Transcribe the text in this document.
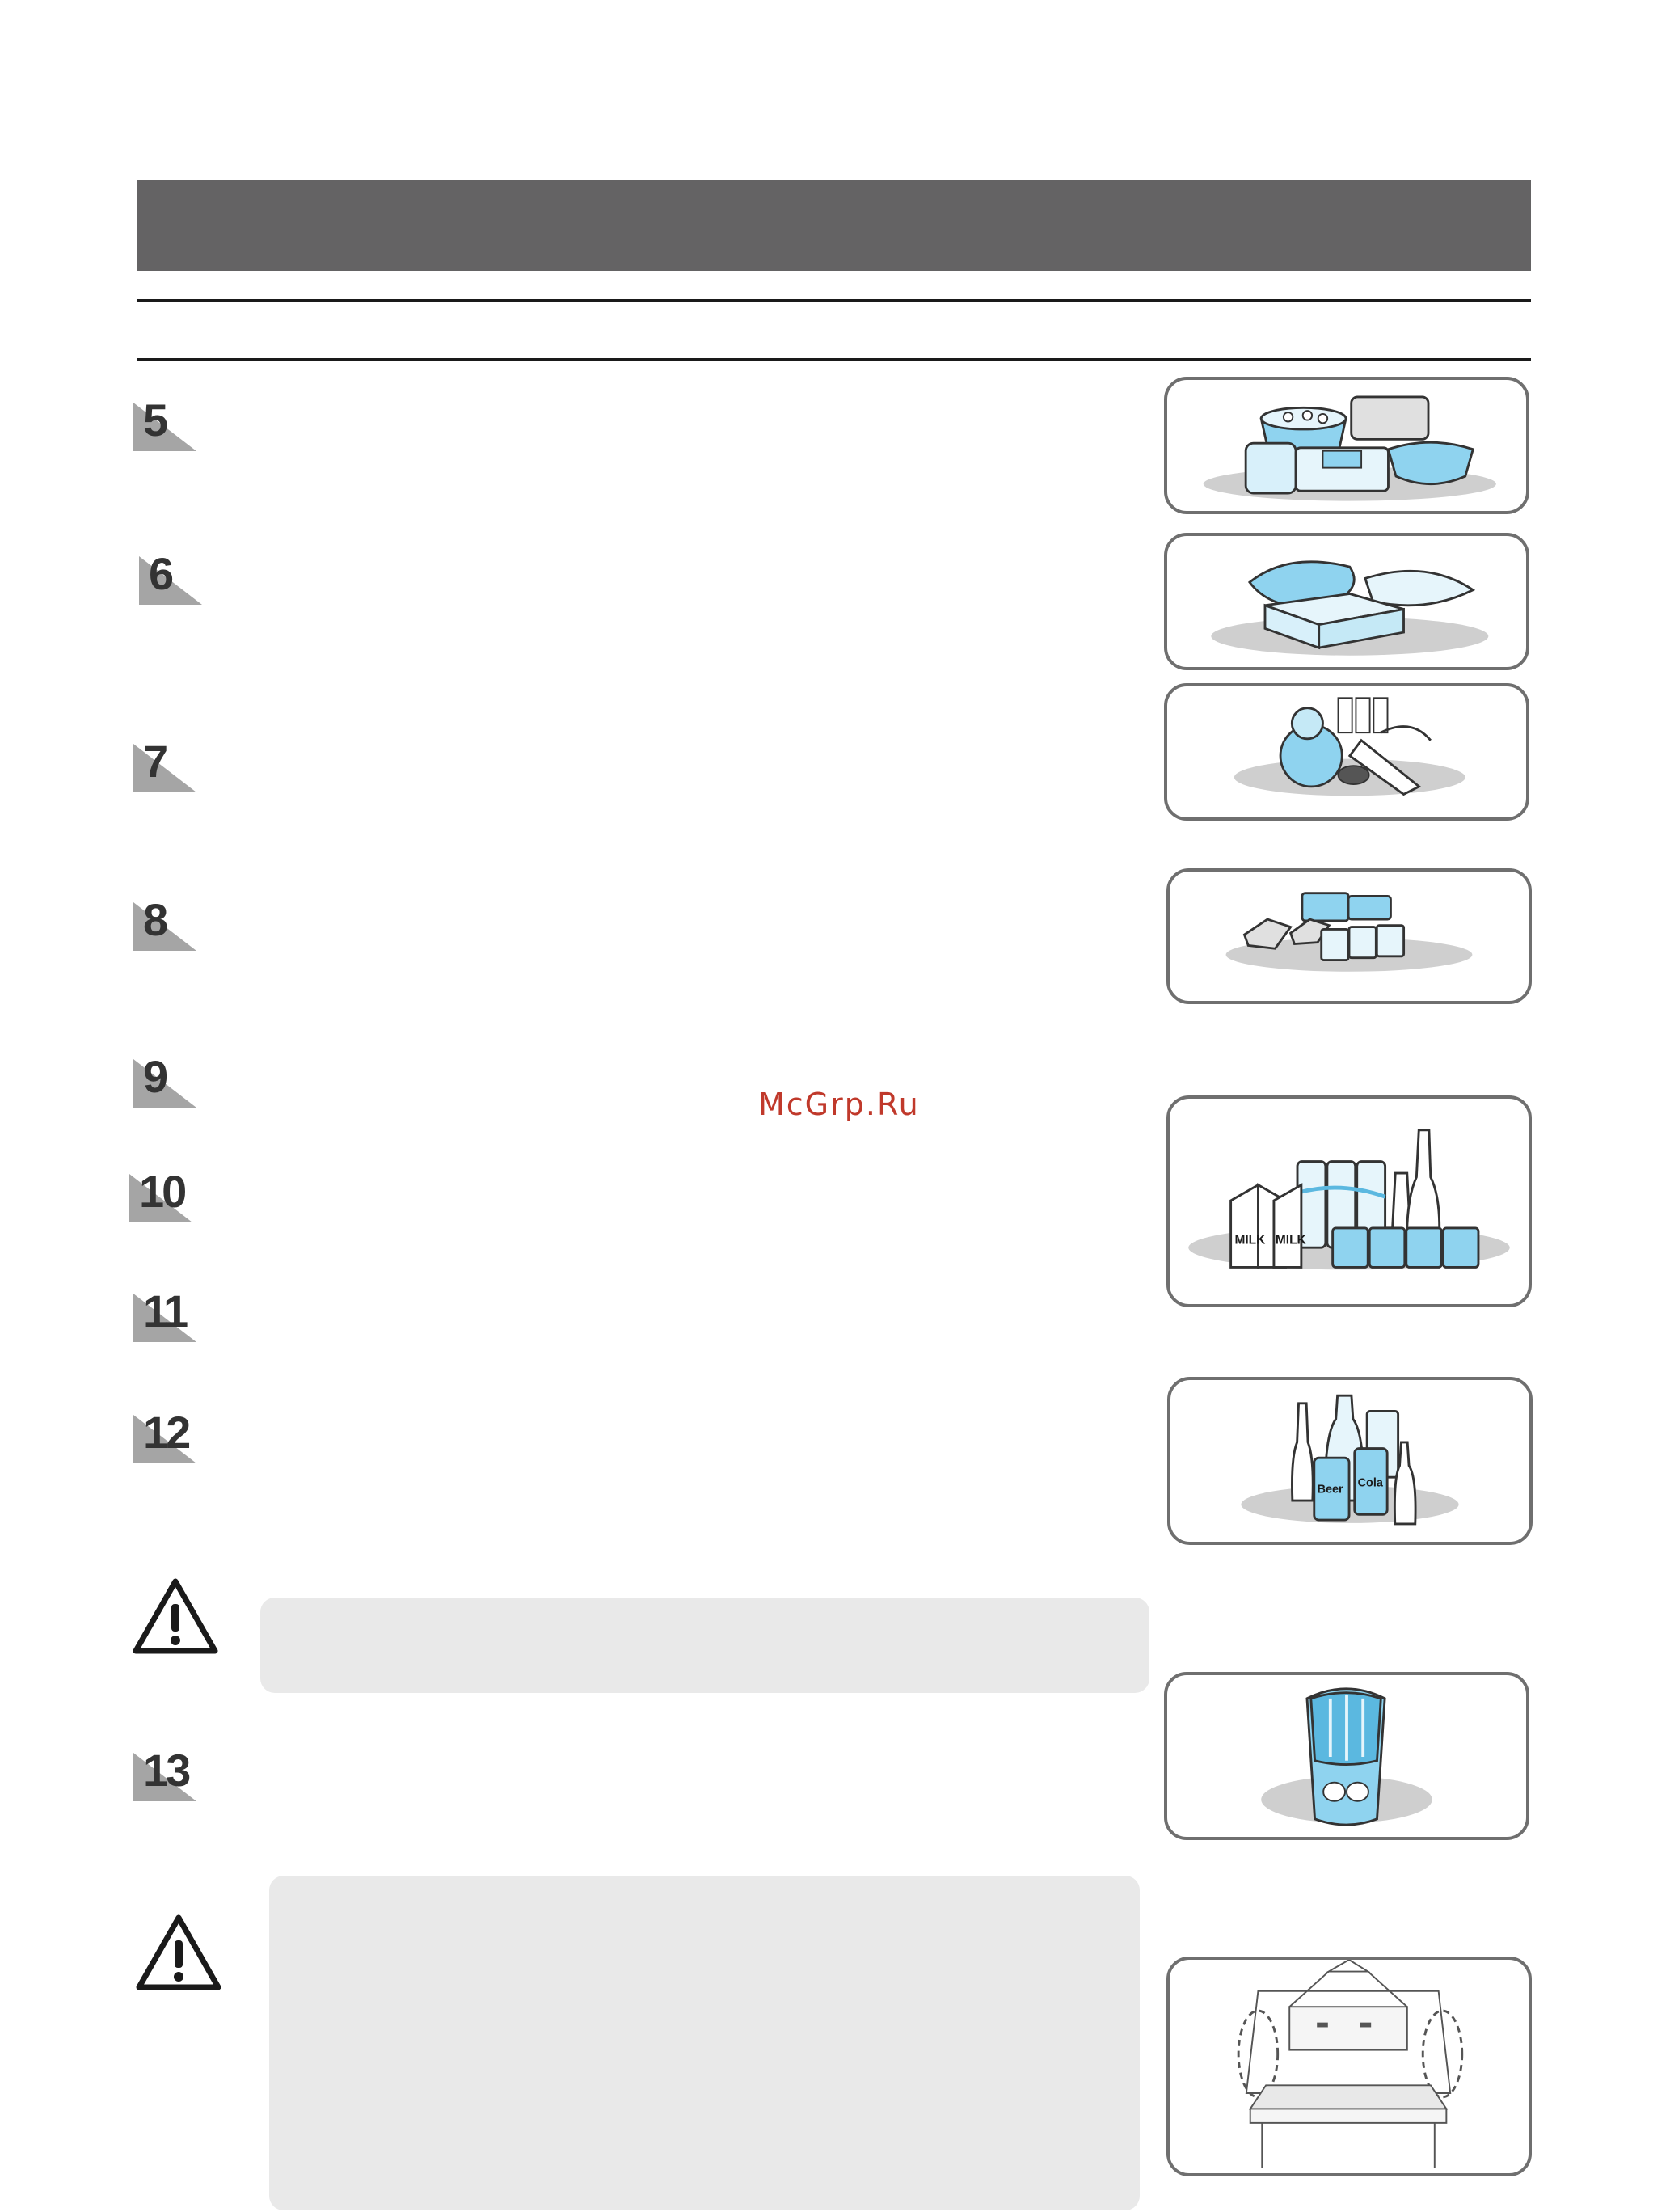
5
6
7
8
9
10
11
12
13
McGrp.Ru
MILK MILK
Beer Cola
